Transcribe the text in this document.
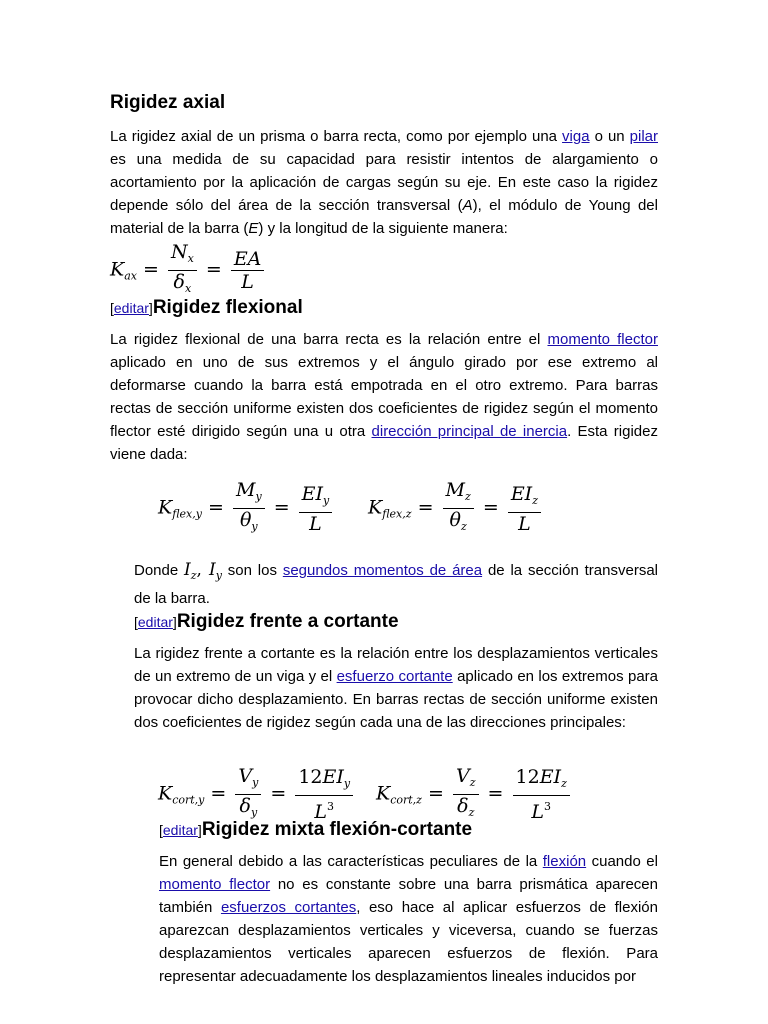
Rigidez axial

La rigidez axial de un prisma o barra recta, como por ejemplo una viga o un pilar es una medida de su capacidad para resistir intentos de alargamiento o acortamiento por la aplicación de cargas según su eje. En este caso la rigidez depende sólo del área de la sección transversal (A), el módulo de Young del material de la barra (E) y la longitud de la siguiente manera:

$K_{ax} = \frac{N_x}{\delta_x} = \frac{EA}{L}$
[editar]Rigidez flexional

La rigidez flexional de una barra recta es la relación entre el momento flector aplicado en uno de sus extremos y el ángulo girado por ese extremo al deformarse cuando la barra está empotrada en el otro extremo. Para barras rectas de sección uniforme existen dos coeficientes de rigidez según el momento flector esté dirigido según una u otra dirección principal de inercia. Esta rigidez viene dada:

$K_{flex,y} = \frac{M_y}{\theta_y} = \frac{EI_y}{L} K_{flex,z} = \frac{M_z}{\theta_z} = \frac{EI_z}{L}$

Donde $I_z$, $I_y$ son los segundos momentos de área de la sección transversal de la barra.

[editar]Rigidez frente a cortante

La rigidez frente a cortante es la relación entre los desplazamientos verticales de un extremo de un viga y el esfuerzo cortante aplicado en los extremos para provocar dicho desplazamiento. En barras rectas de sección uniforme existen dos coeficientes de rigidez según cada una de las direcciones principales:

$K_{cort,y} = \frac{V_y}{\delta_y} = \frac{12EI_y}{L^3} K_{cort,z} = \frac{V_z}{\delta_z} = \frac{12EI_z}{L^3}$
[editar]Rigidez mixta flexión-cortante

En general debido a las características peculiares de la flexión cuando el momento flector no es constante sobre una barra prismática aparecen también esfuerzos cortantes, eso hace al aplicar esfuerzos de flexión aparezcan desplazamientos verticales y viceversa, cuando se fuerzas desplazamientos verticales aparecen esfuerzos de flexión. Para representar adecuadamente los desplazamientos lineales inducidos por
